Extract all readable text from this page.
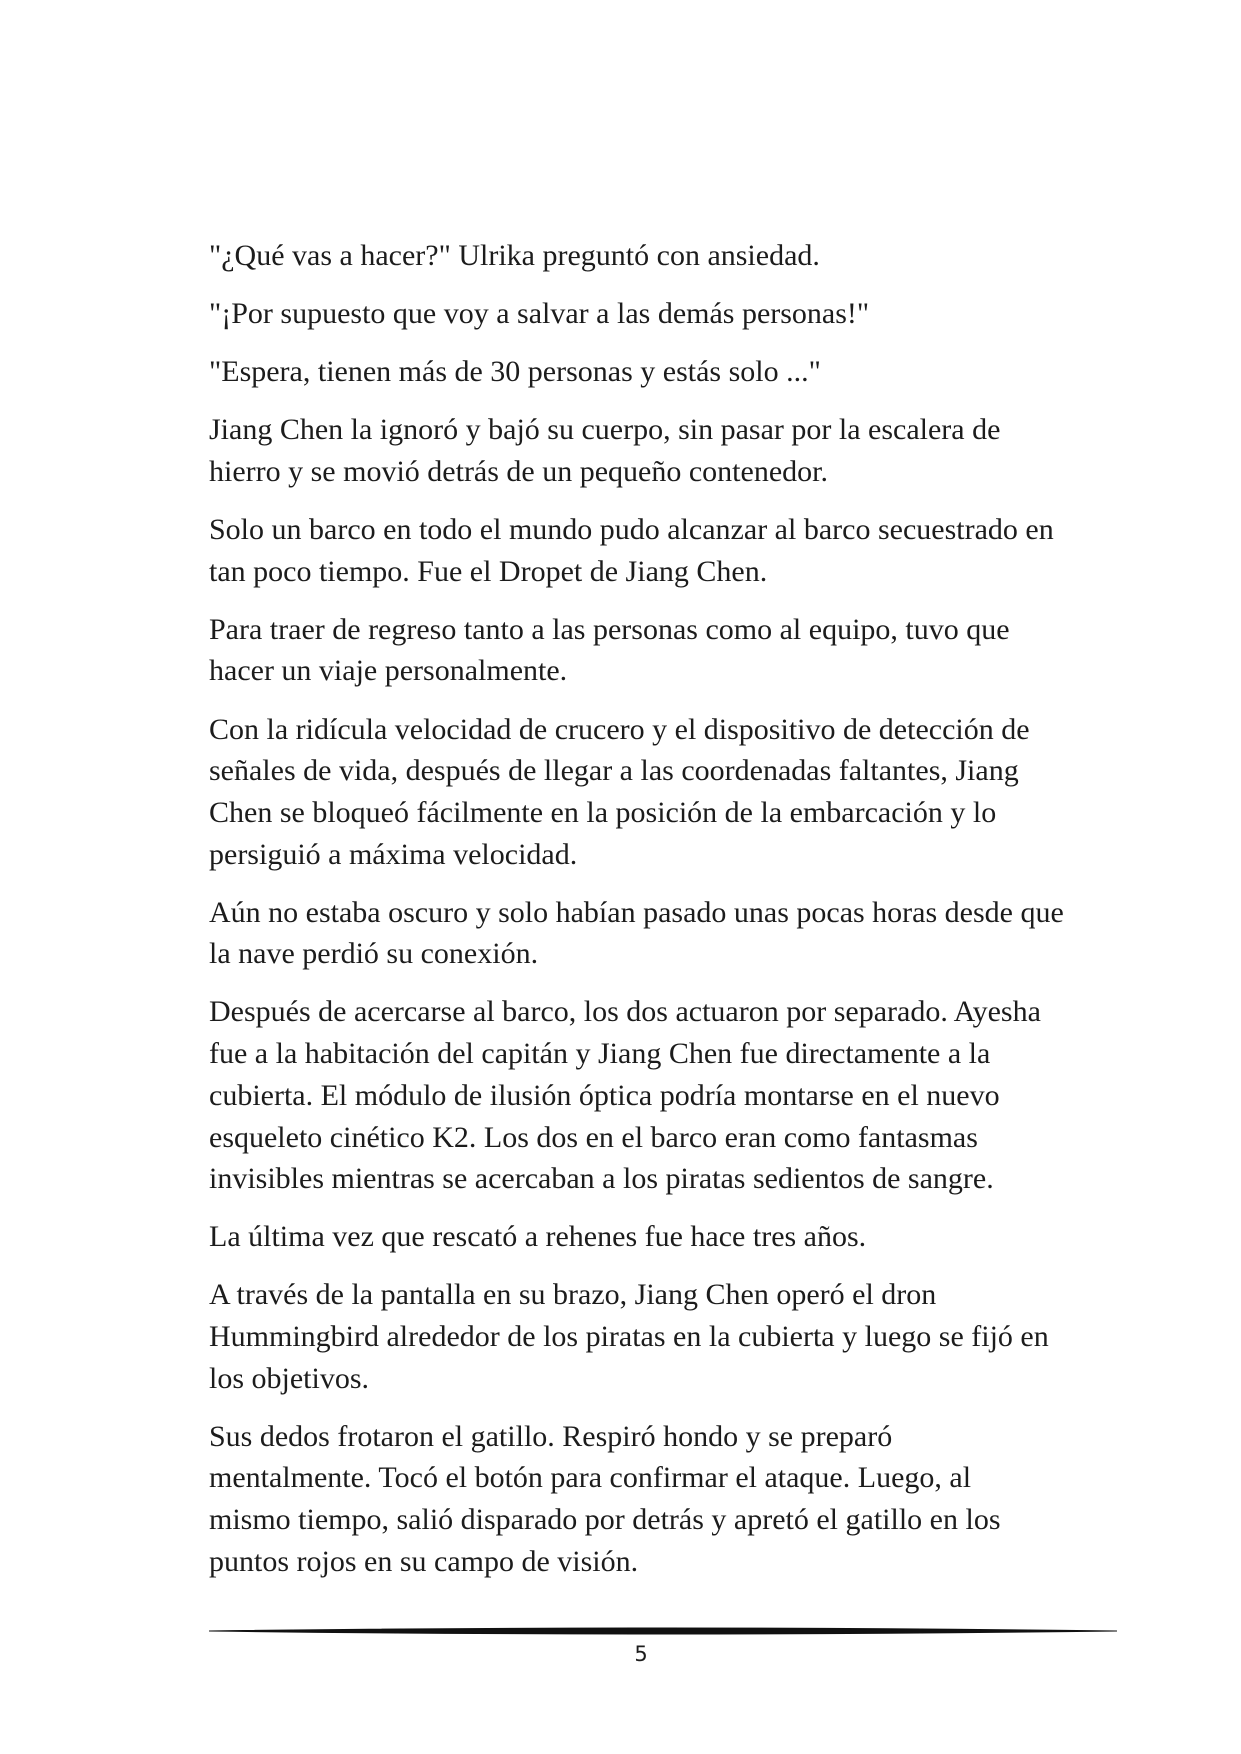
"¿Qué vas a hacer?" Ulrika preguntó con ansiedad.

"¡Por supuesto que voy a salvar a las demás personas!"

"Espera, tienen más de 30 personas y estás solo ..."

Jiang Chen la ignoró y bajó su cuerpo, sin pasar por la escalera de
hierro y se movió detrás de un pequeño contenedor.

Solo un barco en todo el mundo pudo alcanzar al barco secuestrado en
tan poco tiempo. Fue el Dropet de Jiang Chen.

Para traer de regreso tanto a las personas como al equipo, tuvo que
hacer un viaje personalmente.

Con la ridícula velocidad de crucero y el dispositivo de detección de
señales de vida, después de llegar a las coordenadas faltantes, Jiang
Chen se bloqueó fácilmente en la posición de la embarcación y lo
persiguió a máxima velocidad.

Aún no estaba oscuro y solo habían pasado unas pocas horas desde que
la nave perdió su conexión.

Después de acercarse al barco, los dos actuaron por separado. Ayesha
fue a la habitación del capitán y Jiang Chen fue directamente a la
cubierta. El módulo de ilusión óptica podría montarse en el nuevo
esqueleto cinético K2. Los dos en el barco eran como fantasmas
invisibles mientras se acercaban a los piratas sedientos de sangre.

La última vez que rescató a rehenes fue hace tres años.

A través de la pantalla en su brazo, Jiang Chen operó el dron
Hummingbird alrededor de los piratas en la cubierta y luego se fijó en
los objetivos.

Sus dedos frotaron el gatillo. Respiró hondo y se preparó
mentalmente. Tocó el botón para confirmar el ataque. Luego, al
mismo tiempo, salió disparado por detrás y apretó el gatillo en los
puntos rojos en su campo de visión.

5
